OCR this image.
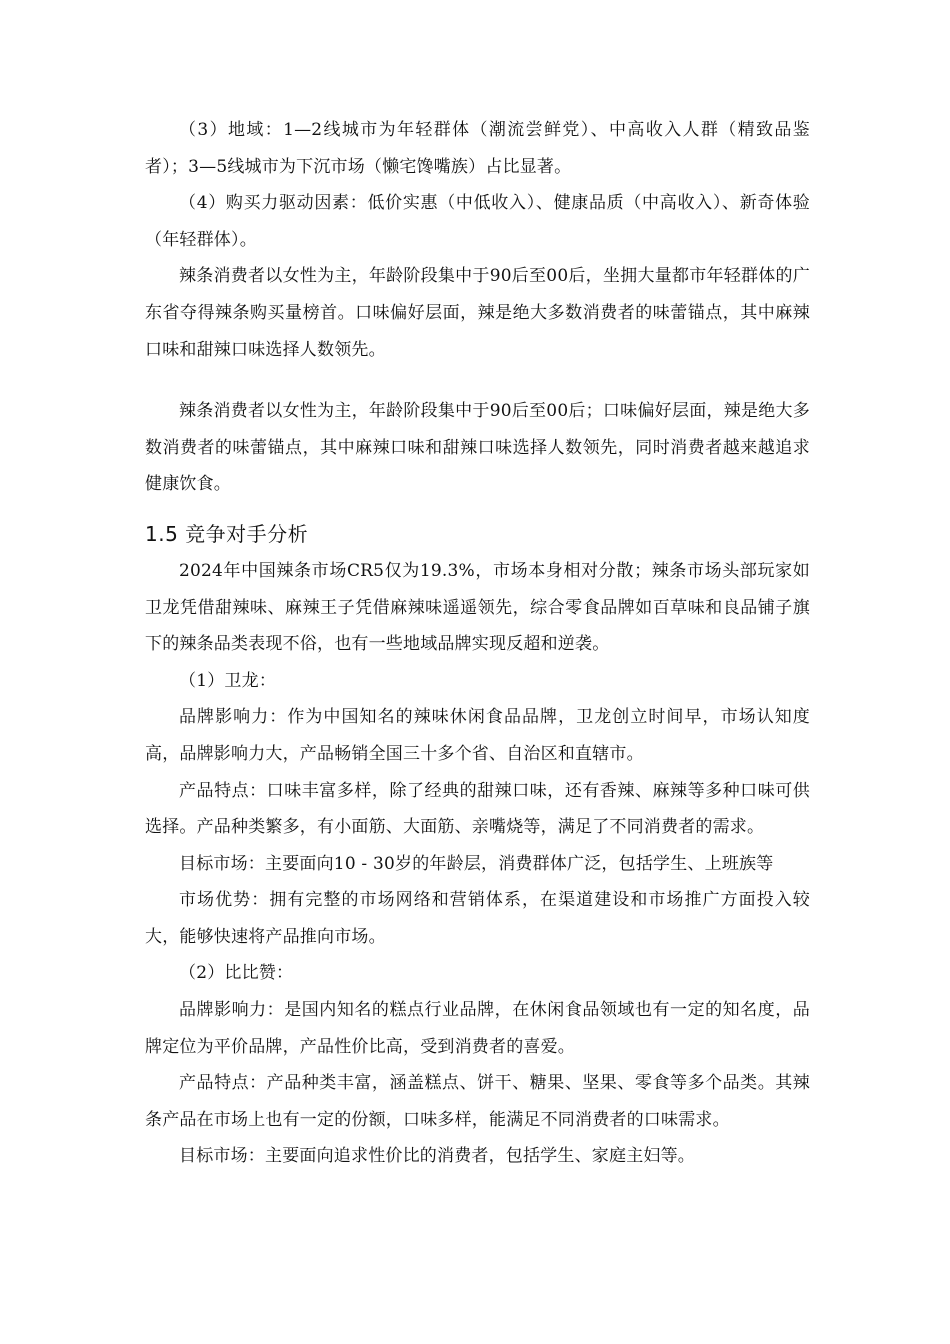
（3）地域：1—2线城市为年轻群体（潮流尝鲜党）、中高收入人群（精致品鉴者）；3—5线城市为下沉市场（懒宅馋嘴族）占比显著。

（4）购买力驱动因素：低价实惠（中低收入）、健康品质（中高收入）、新奇体验（年轻群体）。

辣条消费者以女性为主，年龄阶段集中于90后至00后，坐拥大量都市年轻群体的广东省夺得辣条购买量榜首。口味偏好层面，辣是绝大多数消费者的味蕾锚点，其中麻辣口味和甜辣口味选择人数领先。

辣条消费者以女性为主，年龄阶段集中于90后至00后；口味偏好层面，辣是绝大多数消费者的味蕾锚点，其中麻辣口味和甜辣口味选择人数领先，同时消费者越来越追求健康饮食。

1.5 竞争对手分析

2024年中国辣条市场CR5仅为19.3%，市场本身相对分散；辣条市场头部玩家如卫龙凭借甜辣味、麻辣王子凭借麻辣味遥遥领先，综合零食品牌如百草味和良品铺子旗下的辣条品类表现不俗，也有一些地域品牌实现反超和逆袭。

（1）卫龙：

品牌影响力：作为中国知名的辣味休闲食品品牌，卫龙创立时间早，市场认知度高，品牌影响力大，产品畅销全国三十多个省、自治区和直辖市。

产品特点：口味丰富多样，除了经典的甜辣口味，还有香辣、麻辣等多种口味可供选择。产品种类繁多，有小面筋、大面筋、亲嘴烧等，满足了不同消费者的需求。

目标市场：主要面向10 - 30岁的年龄层，消费群体广泛，包括学生、上班族等

市场优势：拥有完整的市场网络和营销体系，在渠道建设和市场推广方面投入较大，能够快速将产品推向市场。

（2）比比赞：

品牌影响力：是国内知名的糕点行业品牌，在休闲食品领域也有一定的知名度，品牌定位为平价品牌，产品性价比高，受到消费者的喜爱。

产品特点：产品种类丰富，涵盖糕点、饼干、糖果、坚果、零食等多个品类。其辣条产品在市场上也有一定的份额，口味多样，能满足不同消费者的口味需求。

目标市场：主要面向追求性价比的消费者，包括学生、家庭主妇等。
